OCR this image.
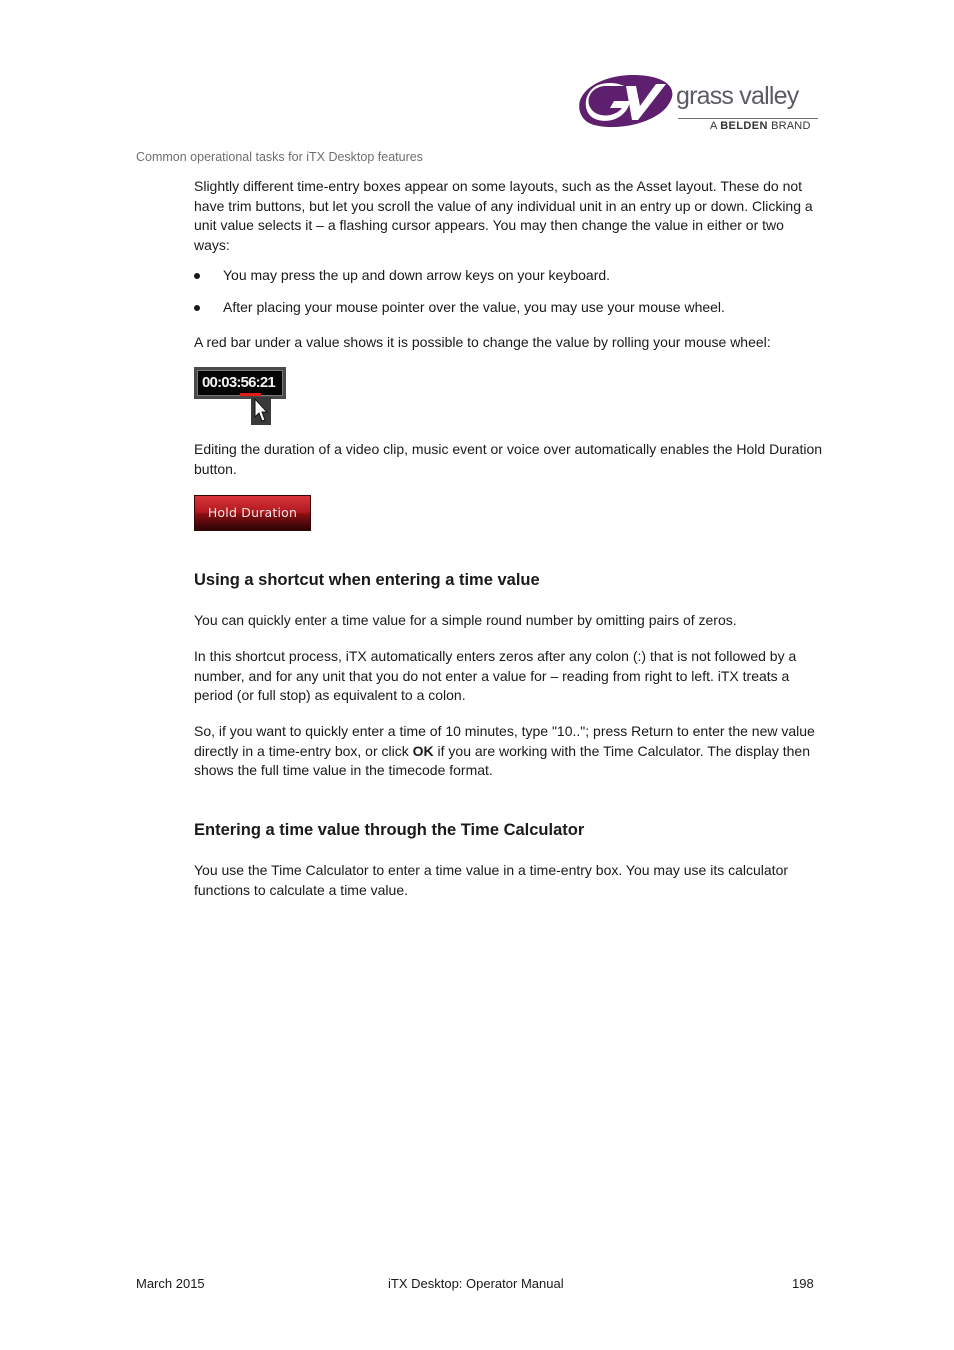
grass valley
A BELDEN BRAND
Common operational tasks for iTX Desktop features
Slightly different time-entry boxes appear on some layouts, such as the Asset layout. These do not have trim buttons, but let you scroll the value of any individual unit in an entry up or down. Clicking a unit value selects it – a flashing cursor appears. You may then change the value in either or two ways:
You may press the up and down arrow keys on your keyboard.
After placing your mouse pointer over the value, you may use your mouse wheel.
A red bar under a value shows it is possible to change the value by rolling your mouse wheel:
00:03:56:21
Editing the duration of a video clip, music event or voice over automatically enables the Hold Duration button.
Hold Duration
Using a shortcut when entering a time value
You can quickly enter a time value for a simple round number by omitting pairs of zeros.
In this shortcut process, iTX automatically enters zeros after any colon (:) that is not followed by a number, and for any unit that you do not enter a value for – reading from right to left. iTX treats a period (or full stop) as equivalent to a colon.
So, if you want to quickly enter a time of 10 minutes, type "10.."; press Return to enter the new value directly in a time-entry box, or click OK if you are working with the Time Calculator. The display then shows the full time value in the timecode format.
Entering a time value through the Time Calculator
You use the Time Calculator to enter a time value in a time-entry box. You may use its calculator functions to calculate a time value.
March 2015	iTX Desktop: Operator Manual	198
